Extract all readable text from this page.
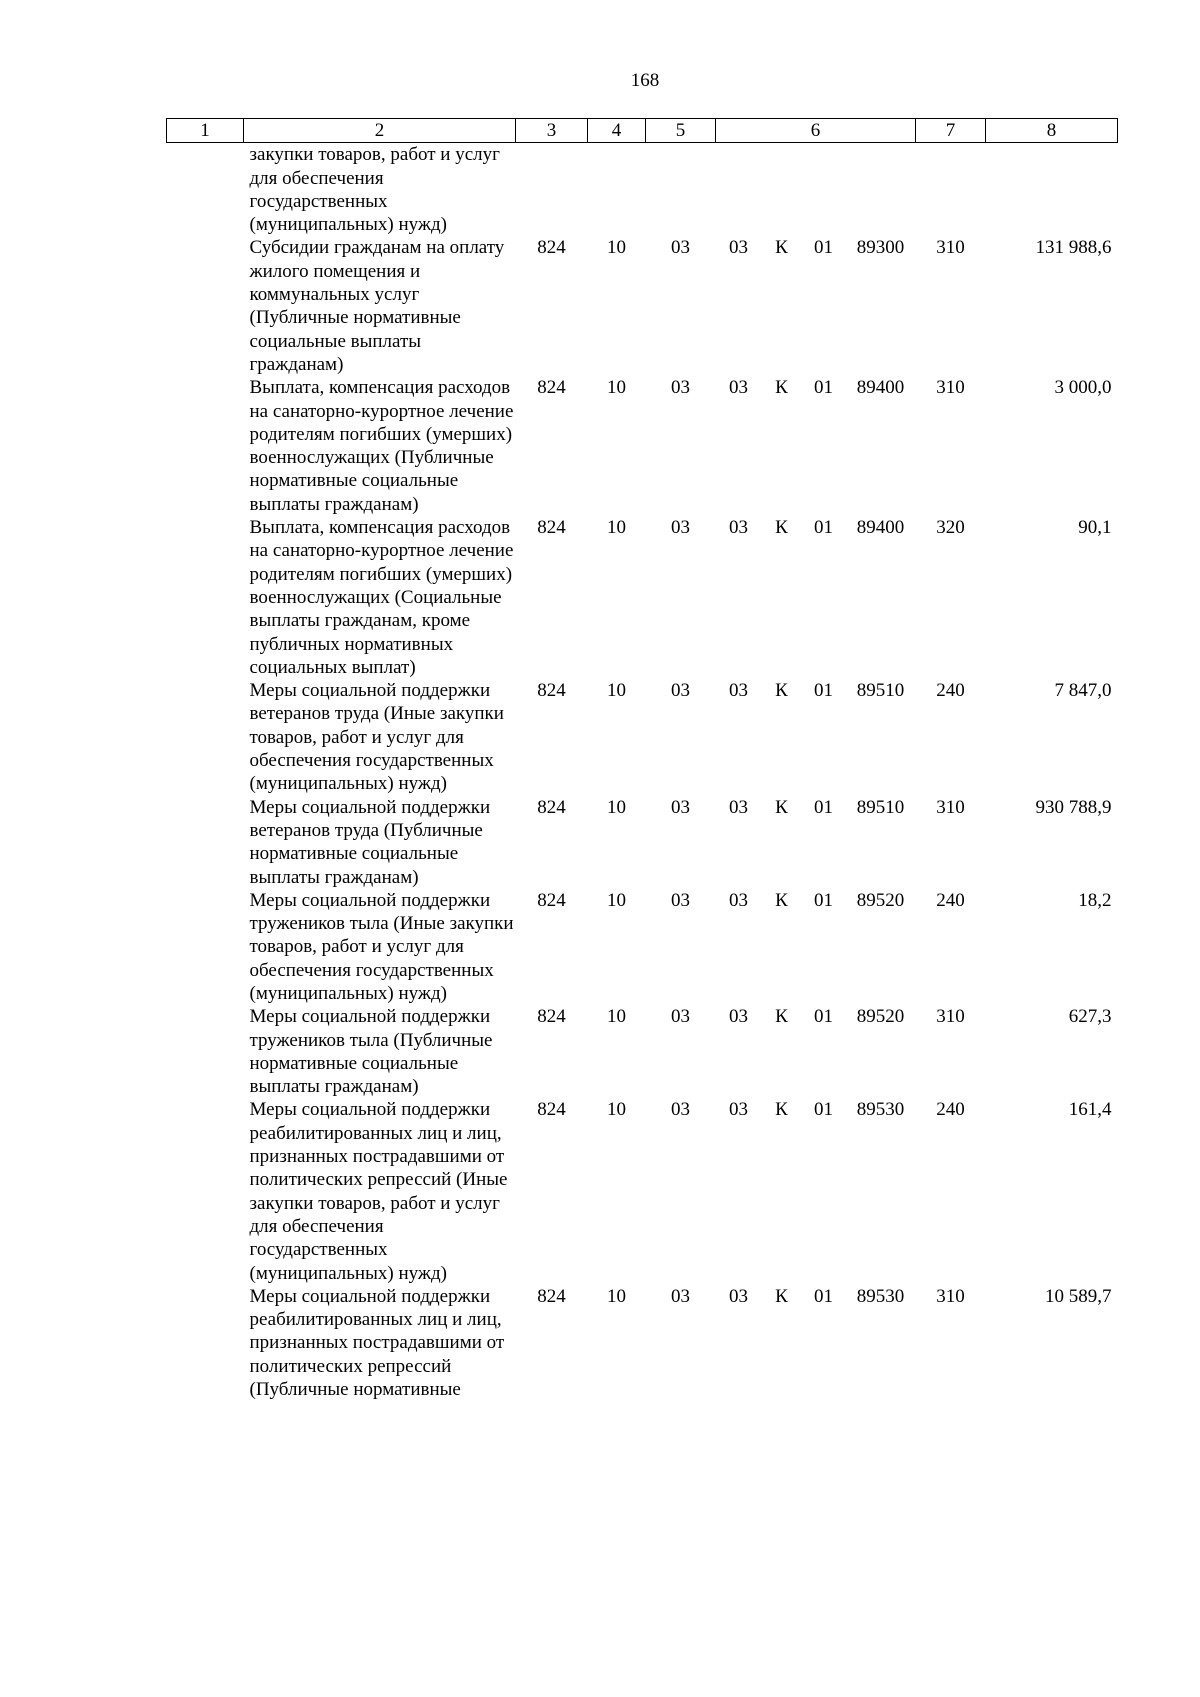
168
1	2	3	4	5	6				7	8
	закупки товаров, работ и услуг для обеспечения государственных (муниципальных) нужд)									
	Субсидии гражданам на оплату жилого помещения и коммунальных услуг (Публичные нормативные социальные выплаты гражданам)	824	10	03	03	К	01	89300	310	131 988,6
	Выплата, компенсация расходов на санаторно-курортное лечение родителям погибших (умерших) военнослужащих (Публичные нормативные социальные выплаты гражданам)	824	10	03	03	К	01	89400	310	3 000,0
	Выплата, компенсация расходов на санаторно-курортное лечение родителям погибших (умерших) военнослужащих (Социальные выплаты гражданам, кроме публичных нормативных социальных выплат)	824	10	03	03	К	01	89400	320	90,1
	Меры социальной поддержки ветеранов труда (Иные закупки товаров, работ и услуг для обеспечения государственных (муниципальных) нужд)	824	10	03	03	К	01	89510	240	7 847,0
	Меры социальной поддержки ветеранов труда (Публичные нормативные социальные выплаты гражданам)	824	10	03	03	К	01	89510	310	930 788,9
	Меры социальной поддержки тружеников тыла (Иные закупки товаров, работ и услуг для обеспечения государственных (муниципальных) нужд)	824	10	03	03	К	01	89520	240	18,2
	Меры социальной поддержки тружеников тыла (Публичные нормативные социальные выплаты гражданам)	824	10	03	03	К	01	89520	310	627,3
	Меры социальной поддержки реабилитированных лиц и лиц, признанных пострадавшими от политических репрессий (Иные закупки товаров, работ и услуг для обеспечения государственных (муниципальных) нужд)	824	10	03	03	К	01	89530	240	161,4
	Меры социальной поддержки реабилитированных лиц и лиц, признанных пострадавшими от политических репрессий (Публичные нормативные	824	10	03	03	К	01	89530	310	10 589,7
